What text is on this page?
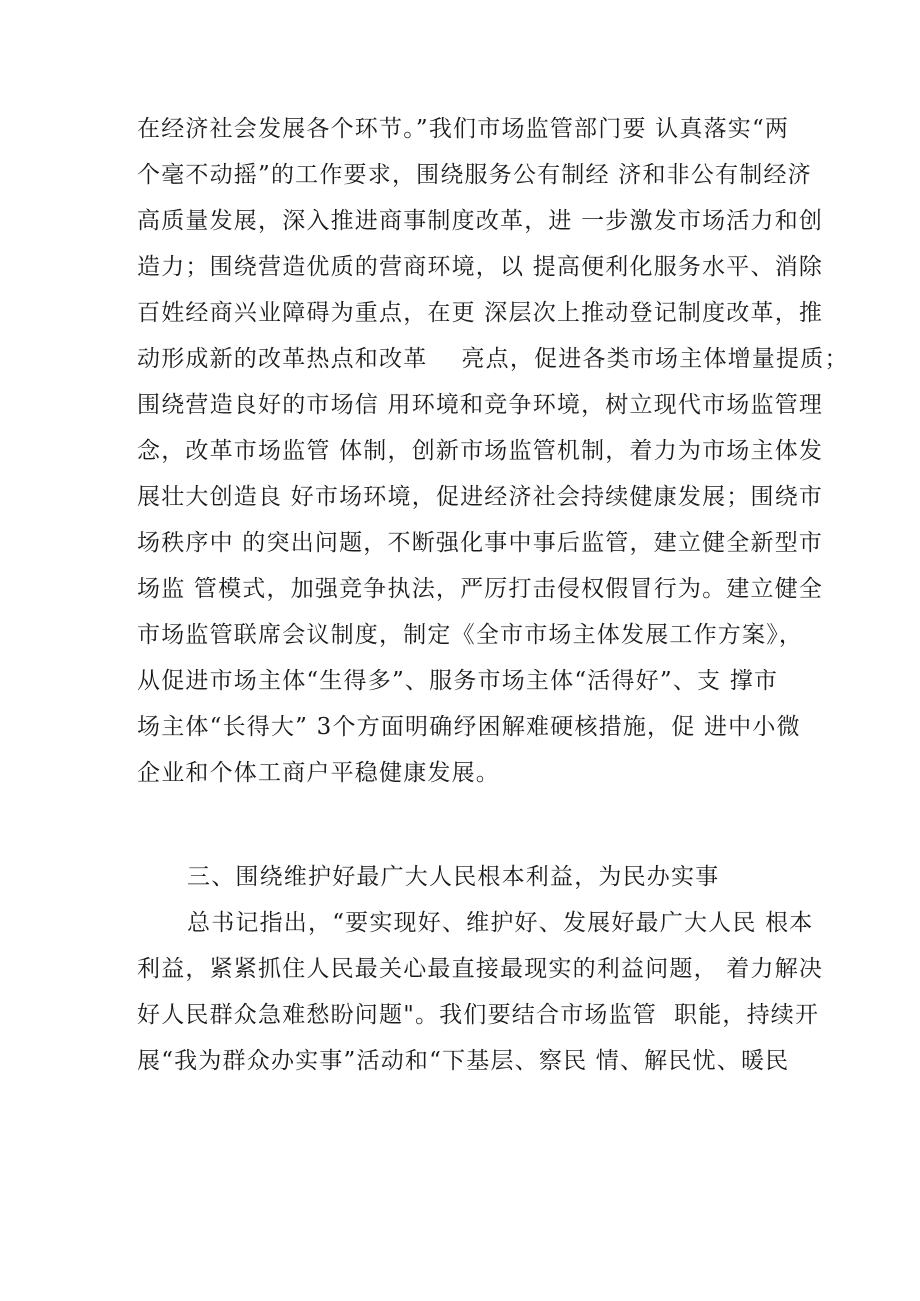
在经济社会发展各个环节。”我们市场监管部门要 认真落实“两
个毫不动摇”的工作要求，围绕服务公有制经 济和非公有制经济
高质量发展，深入推进商事制度改革，进 一步激发市场活力和创
造力；围绕营造优质的营商环境，以 提高便利化服务水平、消除
百姓经商兴业障碍为重点，在更 深层次上推动登记制度改革，推
动形成新的改革热点和改革    亮点，促进各类市场主体增量提质；
围绕营造良好的市场信 用环境和竞争环境，树立现代市场监管理
念，改革市场监管 体制，创新市场监管机制，着力为市场主体发
展壮大创造良 好市场环境，促进经济社会持续健康发展；围绕市
场秩序中 的突出问题，不断强化事中事后监管，建立健全新型市
场监 管模式，加强竞争执法，严厉打击侵权假冒行为。建立健全
市场监管联席会议制度，制定《全市市场主体发展工作方案》，
从促进市场主体“生得多”、服务市场主体“活得好”、支 撑市
场主体“长得大” 3个方面明确纾困解难硬核措施，促 进中小微
企业和个体工商户平稳健康发展。
三、围绕维护好最广大人民根本利益，为民办实事
总书记指出，“要实现好、维护好、发展好最广大人民 根本
利益，紧紧抓住人民最关心最直接最现实的利益问题， 着力解决
好人民群众急难愁盼问题"。我们要结合市场监管  职能，持续开
展“我为群众办实事”活动和“下基层、察民 情、解民忧、暖民
